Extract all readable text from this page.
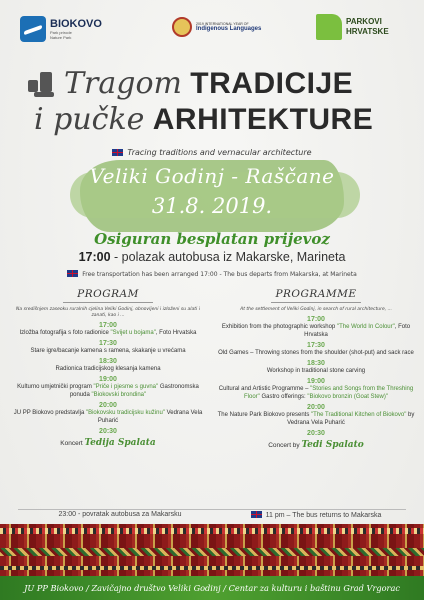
BIOKOVO
Park prirode
Nature Park
2019 INTERNATIONAL YEAR OF
Indigenous Languages
PARKOVI
HRVATSKE
Tragom TRADICIJE
i pučke ARHITEKTURE
Tracing traditions and vernacular architecture
Veliki Godinj - Raščane
31.8. 2019.
Osiguran besplatan prijevoz
17:00 - polazak autobusa iz Makarske, Marineta
Free transportation has been arranged 17:00 - The bus departs from Makarska, at Marineta
PROGRAM
Na središnjem zaseoku ruralnih cjelina Veliki Godinj, obnovljeni i izloženi su alati i zanati, kao i ...
17:00
Izložba fotografija s foto radionice "Svijet u bojama", Foto Hrvatska
17:30
Stare igre/bacanje kamena s ramena, skakanje u vrećama
18:30
Radionica tradicijskog klesanja kamena
19:00
Kulturno umjetnički program "Priče i pjesme s guvna" Gastronomska ponuda "Biokovski brondina"
20:00
JU PP Biokovo predstavlja "Biokovsku tradicijsku kužinu" Vedrana Vela Puharić
20:30
Koncert Tedija Spalata
PROGRAMME
At the settlement of Veliki Godinj, in search of rural architecture, ...
17:00
Exhibition from the photographic workshop "The World In Colour", Foto Hrvatska
17:30
Old Games – Throwing stones from the shoulder (shot-put) and sack race
18:30
Workshop in traditional stone carving
19:00
Cultural and Artistic Programme – "Stories and Songs from the Threshing Floor" Gastro offerings: "Biokovo bronzin (Goat Stew)"
20:00
The Nature Park Biokovo presents "The Traditional Kitchen of Biokovo" by Vedrana Vela Puharić
20:30
Concert by Tedi Spalato
23:00 - povratak autobusa za Makarsku	11 pm – The bus returns to Makarska
JU PP Biokovo / Zavičajno društvo Veliki Godinj / Centar za kulturu i baštinu Grad Vrgorac
